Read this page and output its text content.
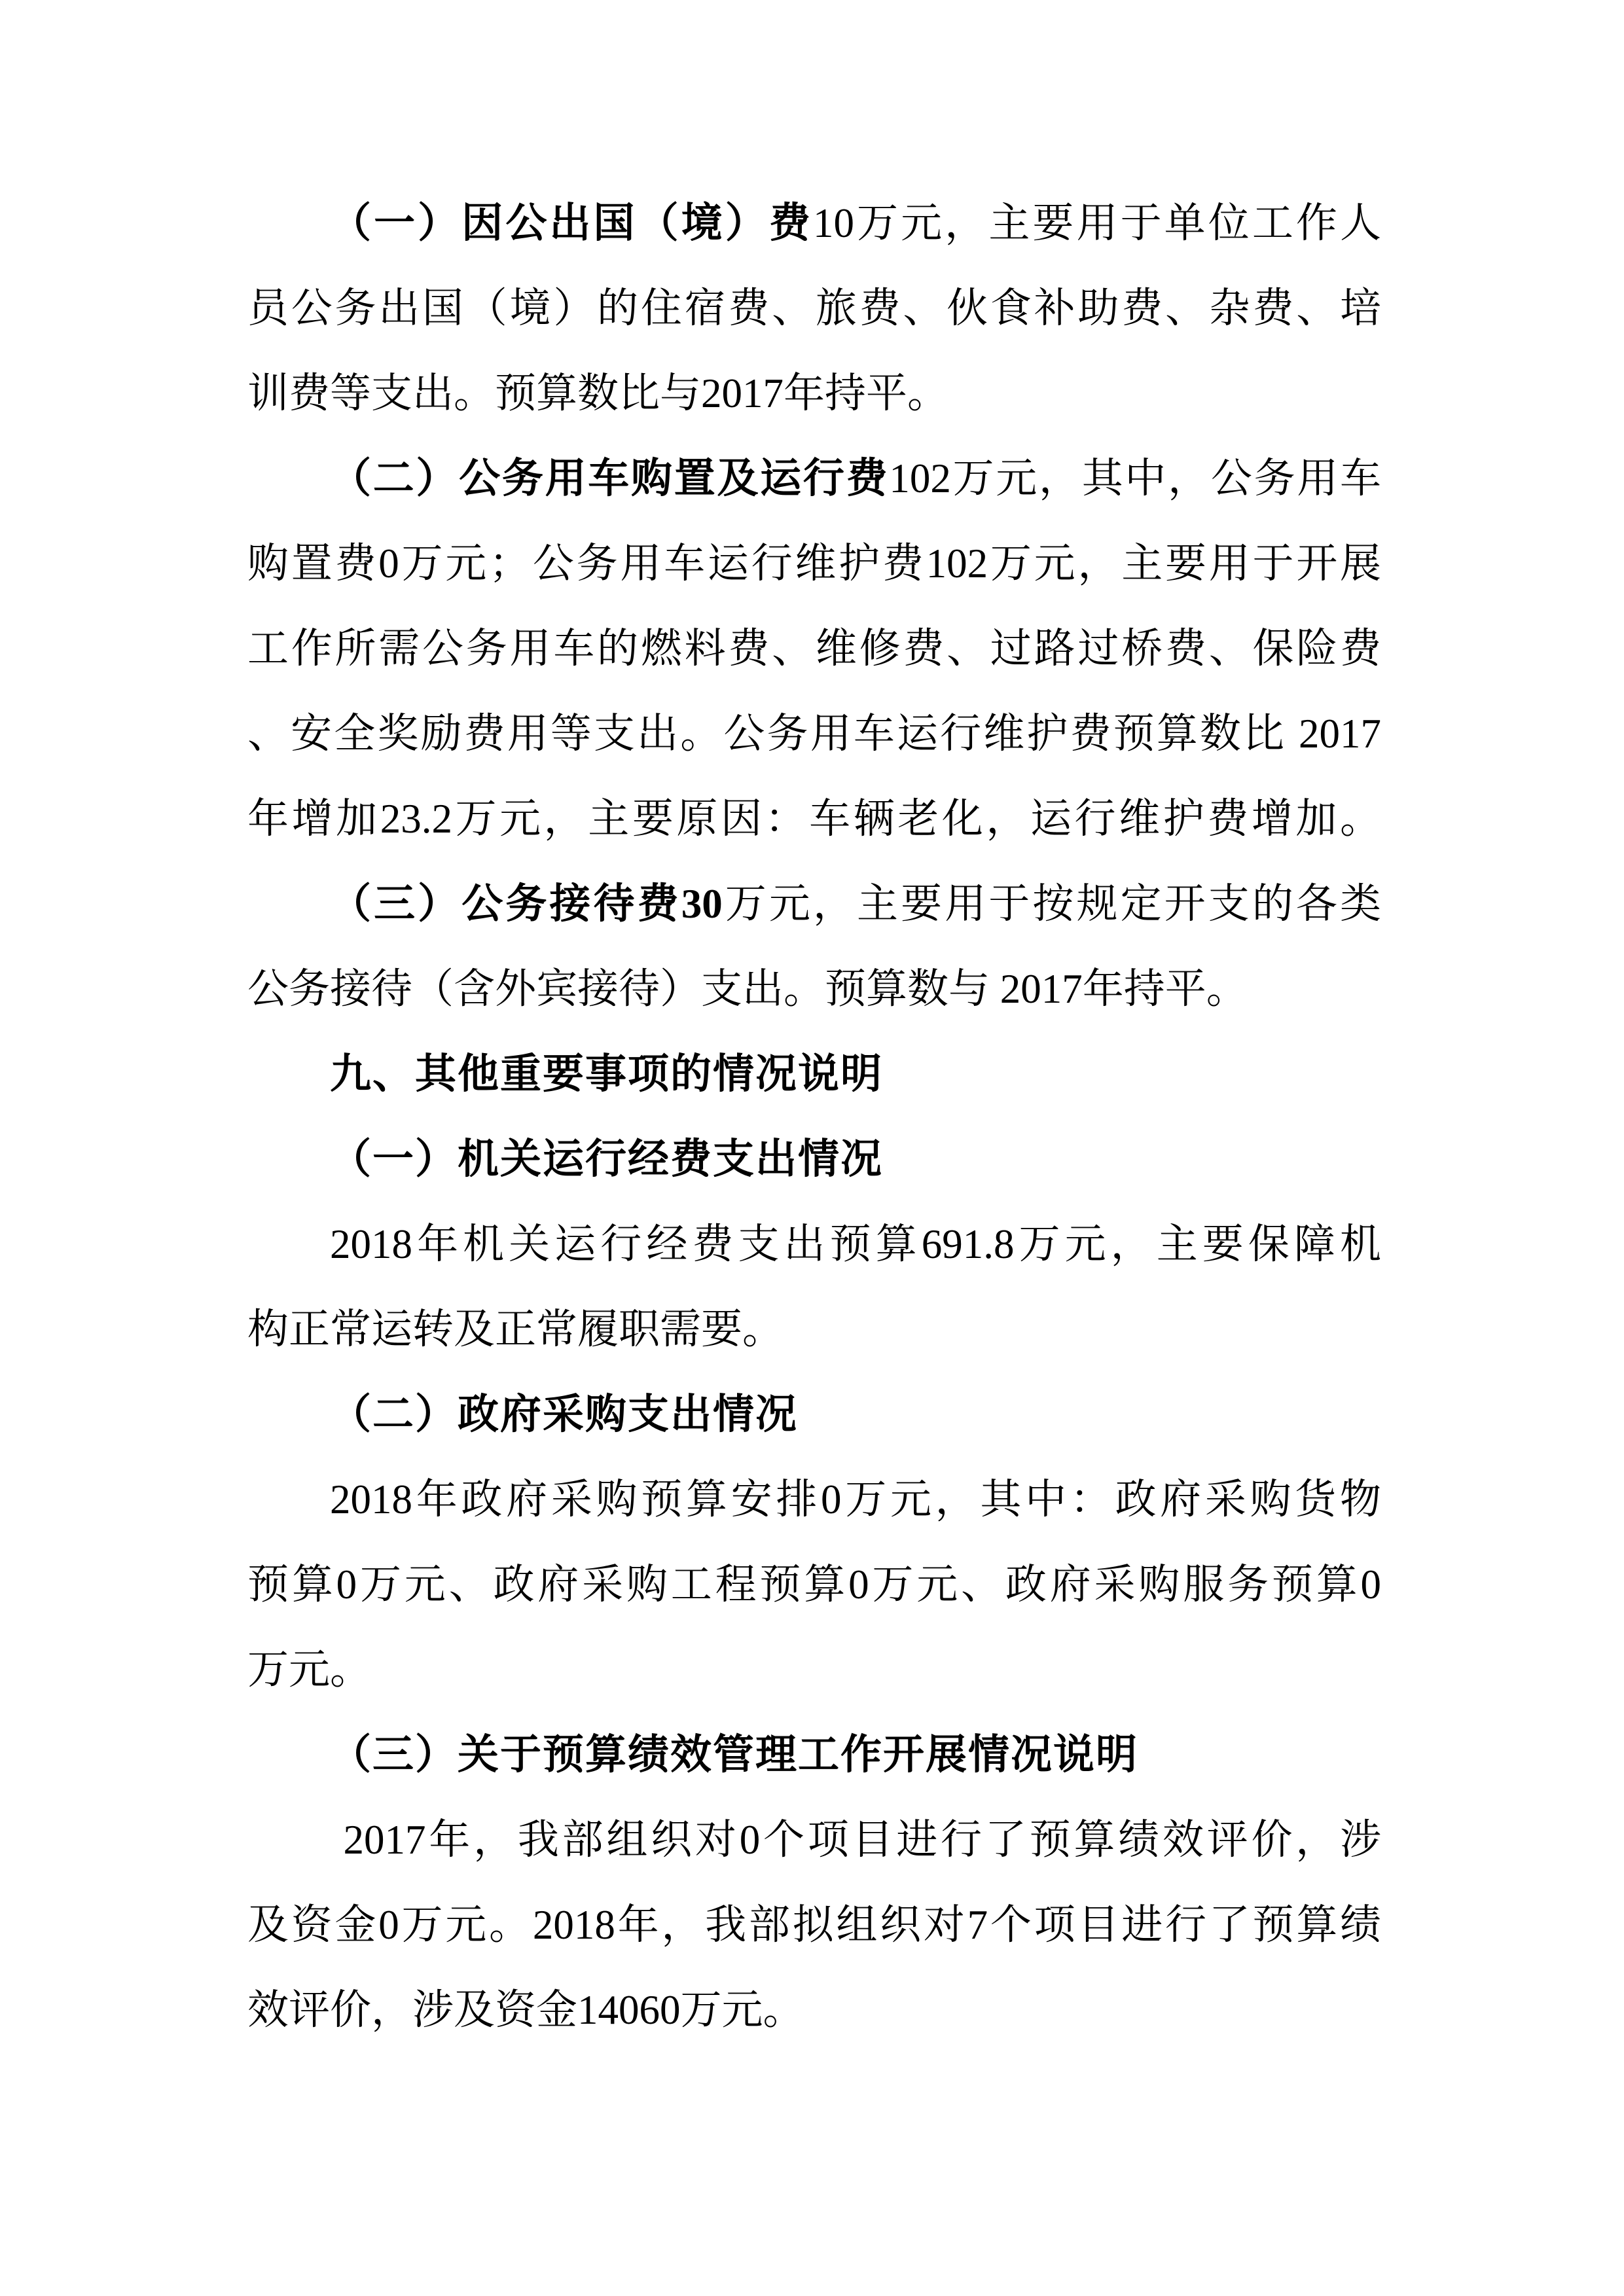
（一）因公出国（境）费10万元，主要用于单位工作人
员公务出国（境）的住宿费、旅费、伙食补助费、杂费、培
训费等支出。预算数比与2017年持平。
（二）公务用车购置及运行费102万元，其中，公务用车
购置费0万元；公务用车运行维护费102万元，主要用于开展
工作所需公务用车的燃料费、维修费、过路过桥费、保险费
、安全奖励费用等支出。公务用车运行维护费预算数比 2017
年增加23.2万元，主要原因：车辆老化，运行维护费增加。
（三）公务接待费30万元，主要用于按规定开支的各类
公务接待（含外宾接待）支出。预算数与 2017年持平。
九、其他重要事项的情况说明
（一）机关运行经费支出情况
2018年机关运行经费支出预算691.8万元，主要保障机
构正常运转及正常履职需要。
（二）政府采购支出情况
2018年政府采购预算安排0万元，其中：政府采购货物
预算0万元、政府采购工程预算0万元、政府采购服务预算0
万元。
（三）关于预算绩效管理工作开展情况说明
2017年，我部组织对0个项目进行了预算绩效评价，涉
及资金0万元。2018年，我部拟组织对7个项目进行了预算绩
效评价，涉及资金14060万元。
